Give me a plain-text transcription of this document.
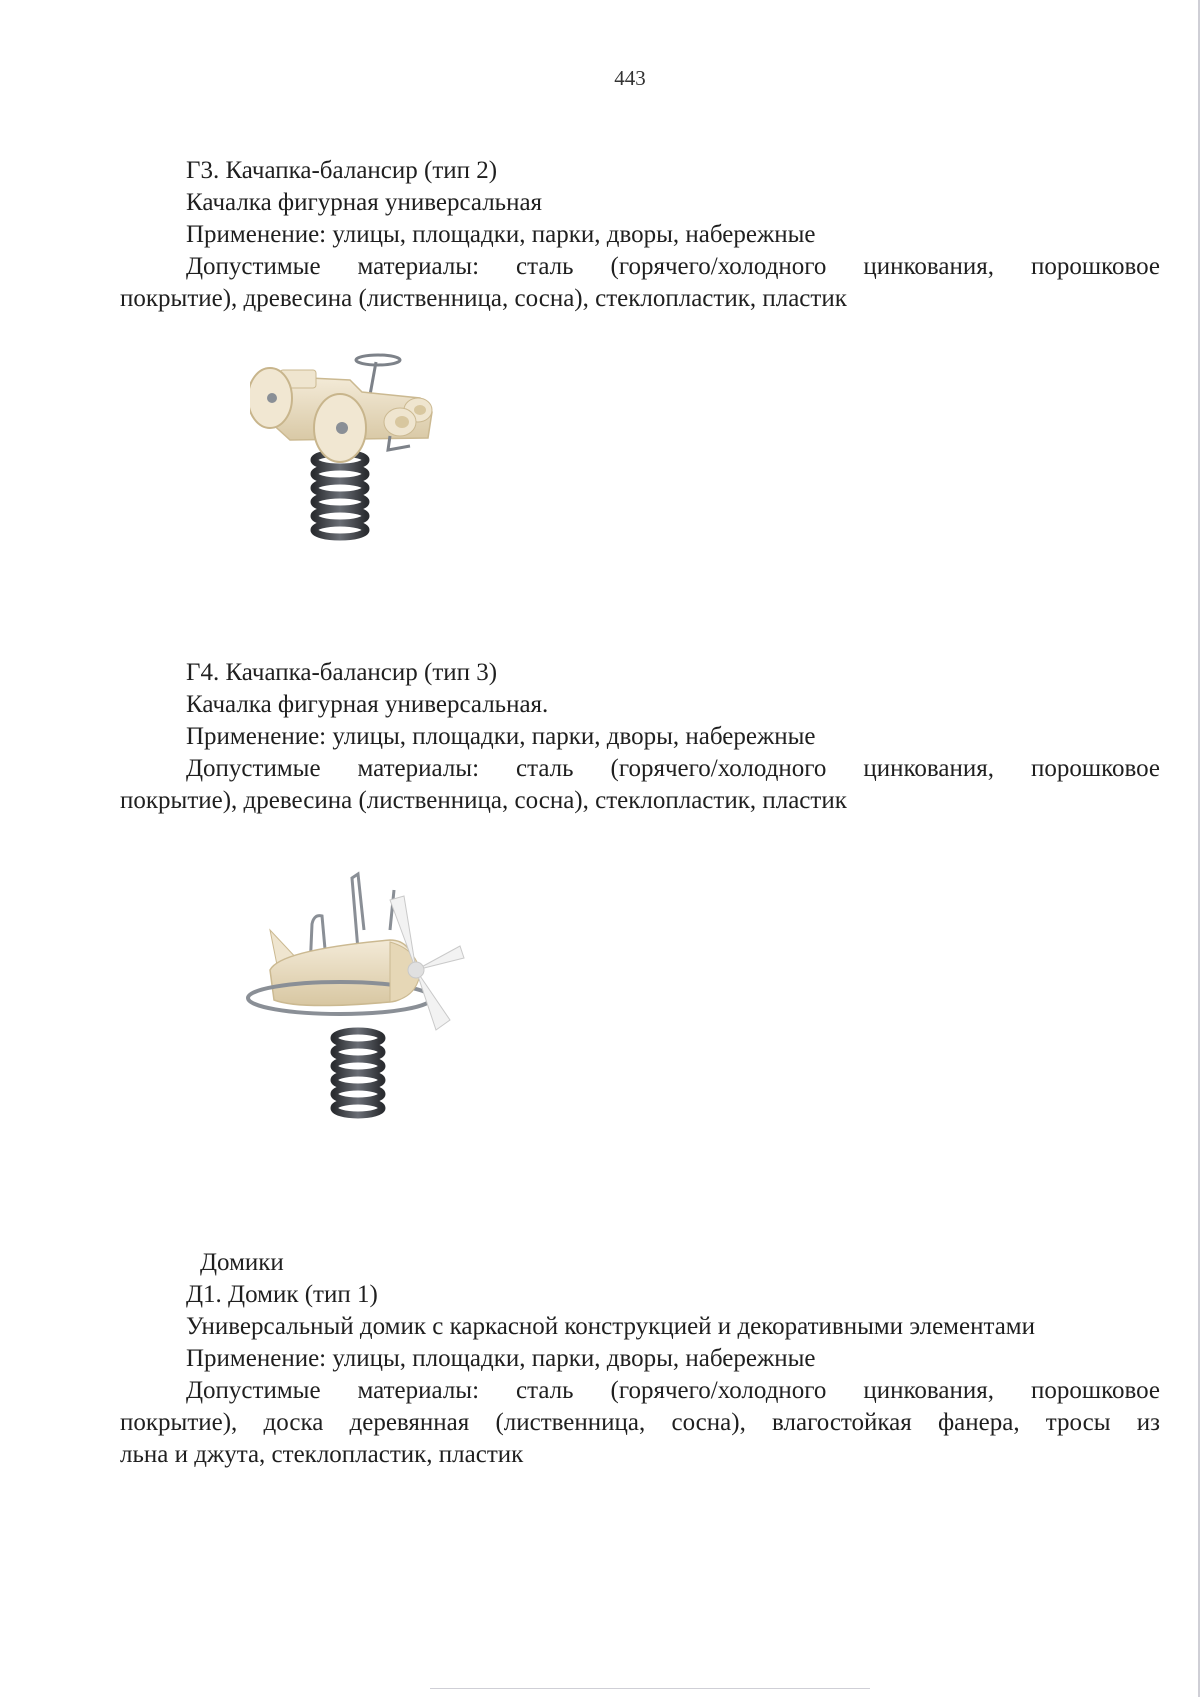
443
Г3. Качапка-балансир (тип 2)
Качалка фигурная универсальная
Применение: улицы, площадки, парки, дворы, набережные
Допустимые материалы: сталь (горячего/холодного цинкования, порошковое
покрытие), древесина (лиственница, сосна), стеклопластик, пластик
Г4. Качапка-балансир (тип 3)
Качалка фигурная универсальная.
Применение: улицы, площадки, парки, дворы, набережные
Допустимые материалы: сталь (горячего/холодного цинкования, порошковое
покрытие), древесина (лиственница, сосна), стеклопластик, пластик
Домики
Д1. Домик (тип 1)
Универсальный домик с каркасной конструкцией и декоративными элементами
Применение: улицы, площадки, парки, дворы, набережные
Допустимые материалы: сталь (горячего/холодного цинкования, порошковое
покрытие), доска деревянная (лиственница, сосна), влагостойкая фанера, тросы из
льна и джута, стеклопластик, пластик
